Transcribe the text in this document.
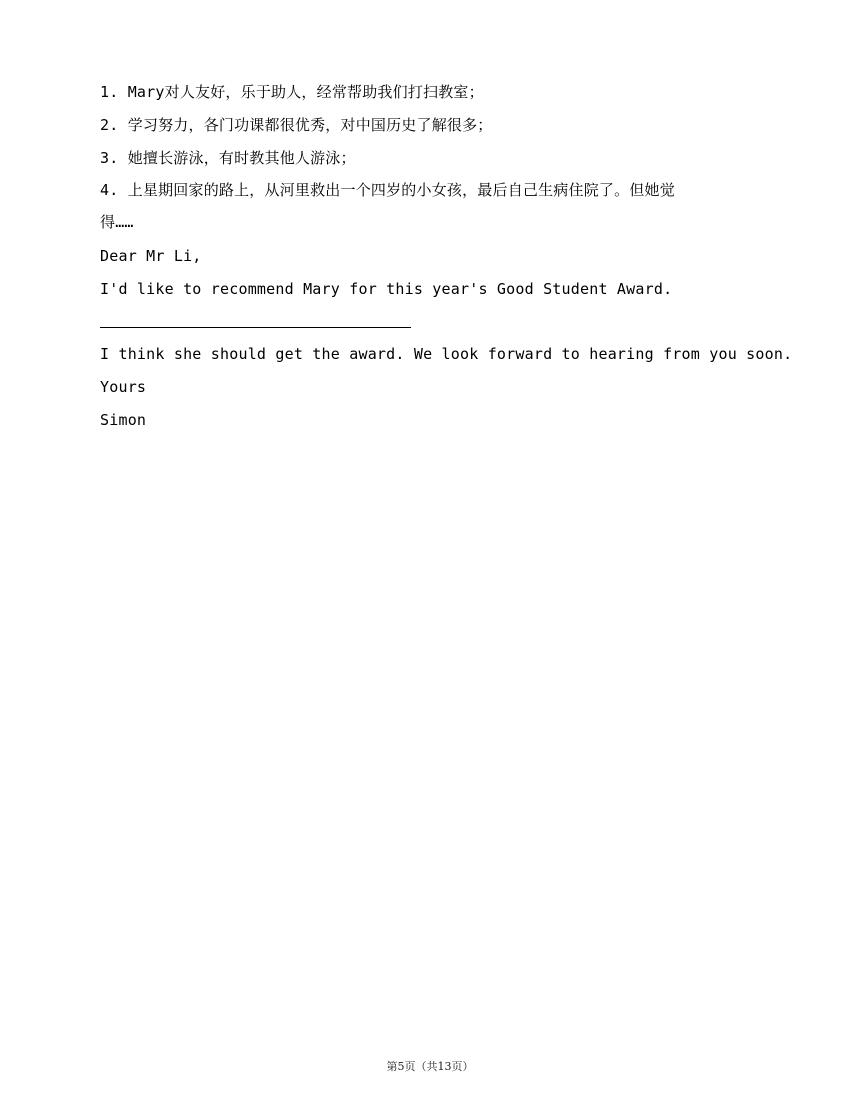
1. Mary对人友好，乐于助人，经常帮助我们打扫教室；
2. 学习努力，各门功课都很优秀，对中国历史了解很多；
3. 她擅长游泳，有时教其他人游泳；
4. 上星期回家的路上，从河里救出一个四岁的小女孩，最后自己生病住院了。但她觉
得……
Dear Mr Li,
I'd like to recommend Mary for this year's Good Student Award.
I think she should get the award. We look forward to hearing from you soon.
Yours
Simon
第5页（共13页）
